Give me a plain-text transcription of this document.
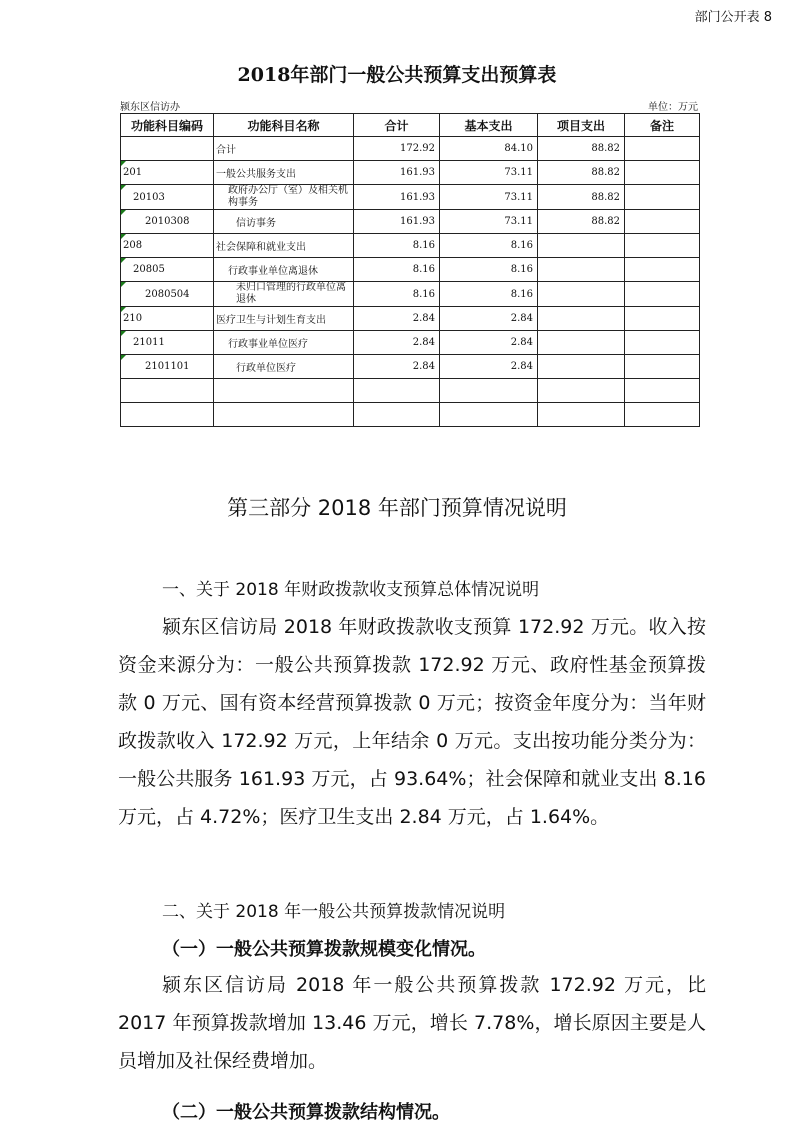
部门公开表 8
2018年部门一般公共预算支出预算表
颍东区信访办	单位：万元
功能科目编码	功能科目名称	合计	基本支出	项目支出	备注
	合计	172.92	84.10	88.82	
201	一般公共服务支出	161.93	73.11	88.82	
20103	政府办公厅（室）及相关机构事务	161.93	73.11	88.82	
2010308	信访事务	161.93	73.11	88.82	
208	社会保障和就业支出	8.16	8.16		
20805	行政事业单位离退休	8.16	8.16		
2080504	未归口管理的行政单位离退休	8.16	8.16		
210	医疗卫生与计划生育支出	2.84	2.84		
21011	行政事业单位医疗	2.84	2.84		
2101101	行政单位医疗	2.84	2.84		

第三部分 2018 年部门预算情况说明
一、关于 2018 年财政拨款收支预算总体情况说明
颍东区信访局 2018 年财政拨款收支预算 172.92 万元。收入按资金来源分为：一般公共预算拨款 172.92 万元、政府性基金预算拨款 0 万元、国有资本经营预算拨款 0 万元；按资金年度分为：当年财政拨款收入 172.92 万元，上年结余 0 万元。支出按功能分类分为：一般公共服务 161.93 万元，占 93.64%；社会保障和就业支出 8.16 万元，占 4.72%；医疗卫生支出 2.84 万元，占 1.64%。
二、关于 2018 年一般公共预算拨款情况说明
（一）一般公共预算拨款规模变化情况。
颍东区信访局 2018 年一般公共预算拨款 172.92 万元，比 2017 年预算拨款增加 13.46 万元，增长 7.78%，增长原因主要是人员增加及社保经费增加。
（二）一般公共预算拨款结构情况。
